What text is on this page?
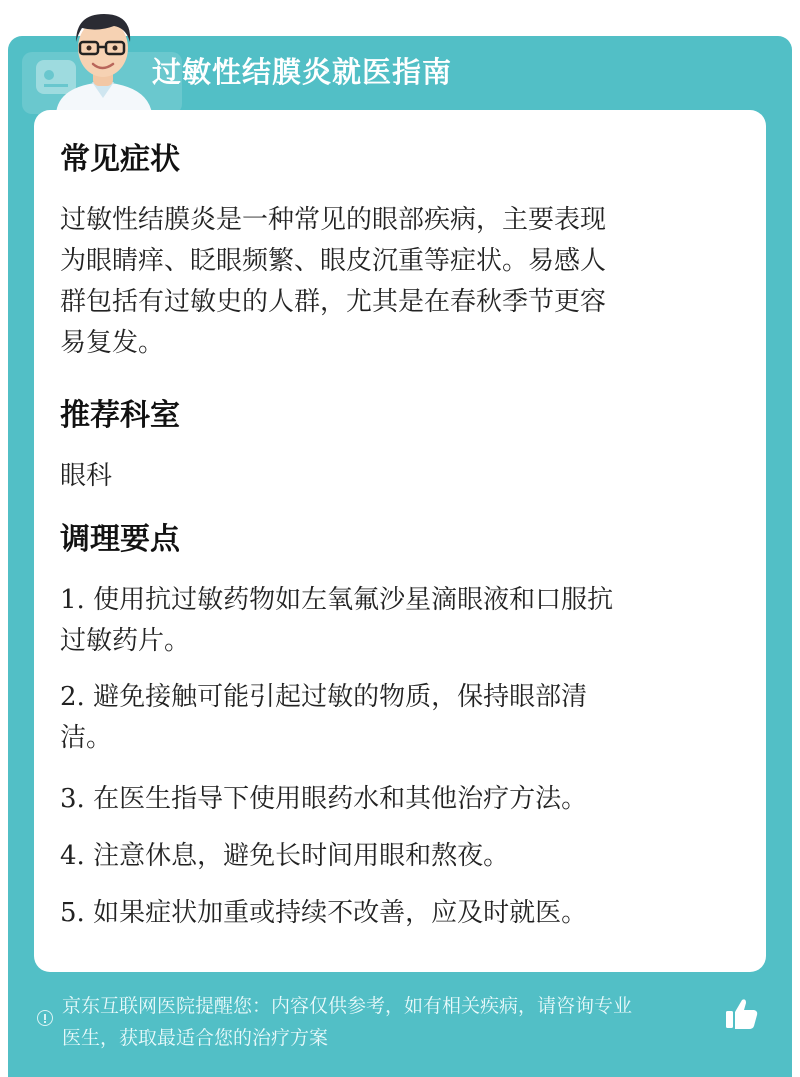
过敏性结膜炎就医指南
常见症状

过敏性结膜炎是一种常见的眼部疾病，主要表现
为眼睛痒、眨眼频繁、眼皮沉重等症状。易感人
群包括有过敏史的人群，尤其是在春秋季节更容
易复发。

推荐科室

眼科

调理要点

1. 使用抗过敏药物如左氧氟沙星滴眼液和口服抗
过敏药片。

2. 避免接触可能引起过敏的物质，保持眼部清
洁。

3. 在医生指导下使用眼药水和其他治疗方法。

4. 注意休息，避免长时间用眼和熬夜。

5. 如果症状加重或持续不改善，应及时就医。

京东互联网医院提醒您：内容仅供参考，如有相关疾病，请咨询专业
医生，获取最适合您的治疗方案
